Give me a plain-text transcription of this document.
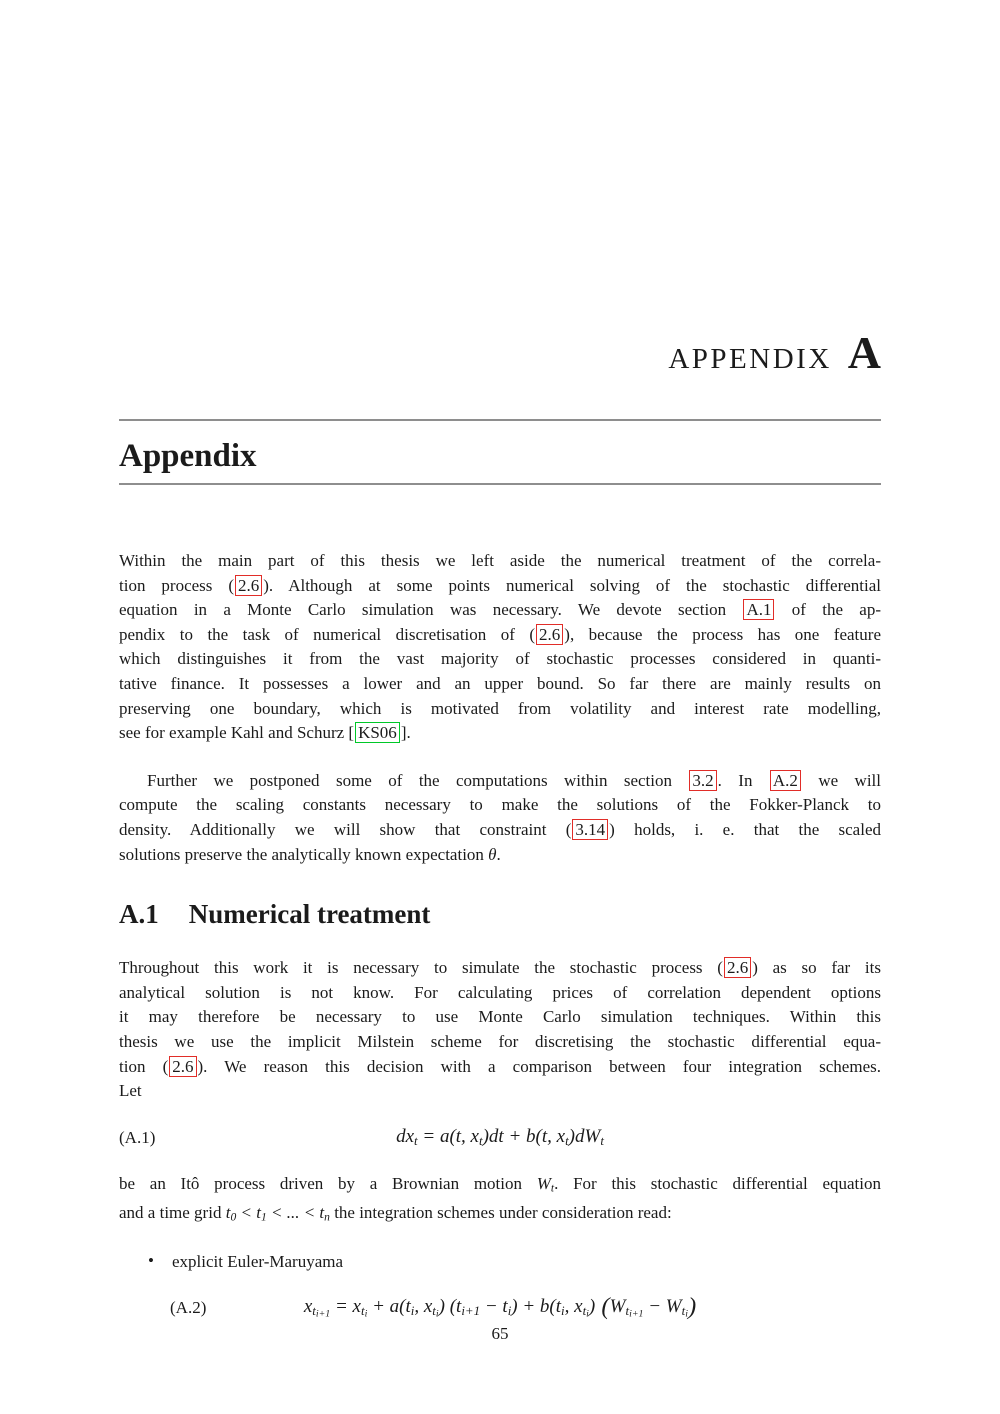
APPENDIX A
Appendix
Within the main part of this thesis we left aside the numerical treatment of the correla-
tion process ( 2.6 ). Although at some points numerical solving of the stochastic differential
equation in a Monte Carlo simulation was necessary. We devote section A.1 of the ap-
pendix to the task of numerical discretisation of ( 2.6 ), because the process has one feature
which distinguishes it from the vast majority of stochastic processes considered in quanti-
tative finance. It possesses a lower and an upper bound. So far there are mainly results on
preserving one boundary, which is motivated from volatility and interest rate modelling,
see for example Kahl and Schurz [ KS06 ].
Further we postponed some of the computations within section 3.2 . In A.2 we will
compute the scaling constants necessary to make the solutions of the Fokker-Planck to
density. Additionally we will show that constraint ( 3.14 ) holds, i. e. that the scaled
solutions preserve the analytically known expectation θ.
A.1 Numerical treatment
Throughout this work it is necessary to simulate the stochastic process ( 2.6 ) as so far its
analytical solution is not know. For calculating prices of correlation dependent options
it may therefore be necessary to use Monte Carlo simulation techniques. Within this
thesis we use the implicit Milstein scheme for discretising the stochastic differential equa-
tion ( 2.6 ). We reason this decision with a comparison between four integration schemes.
Let
(A.1)	$dx_t = a(t$, $x_t)dt + b(t$, $x_t)dW_t$
be an Itô process driven by a Brownian motion $W_t$. For this stochastic differential equation
and a time grid $t_0 < t_1$ < ... < $t_n$ the integration schemes under consideration read:
• explicit Euler-Maruyama
(A.2)	$x_{ti+1} = x_{ti} + a(t_i$, $x_{ti}$) $(t_{i+1} - t_i) + b(t_i$, $x_{ti}$) $(W_{ti+1} - W_{ti})$
65
